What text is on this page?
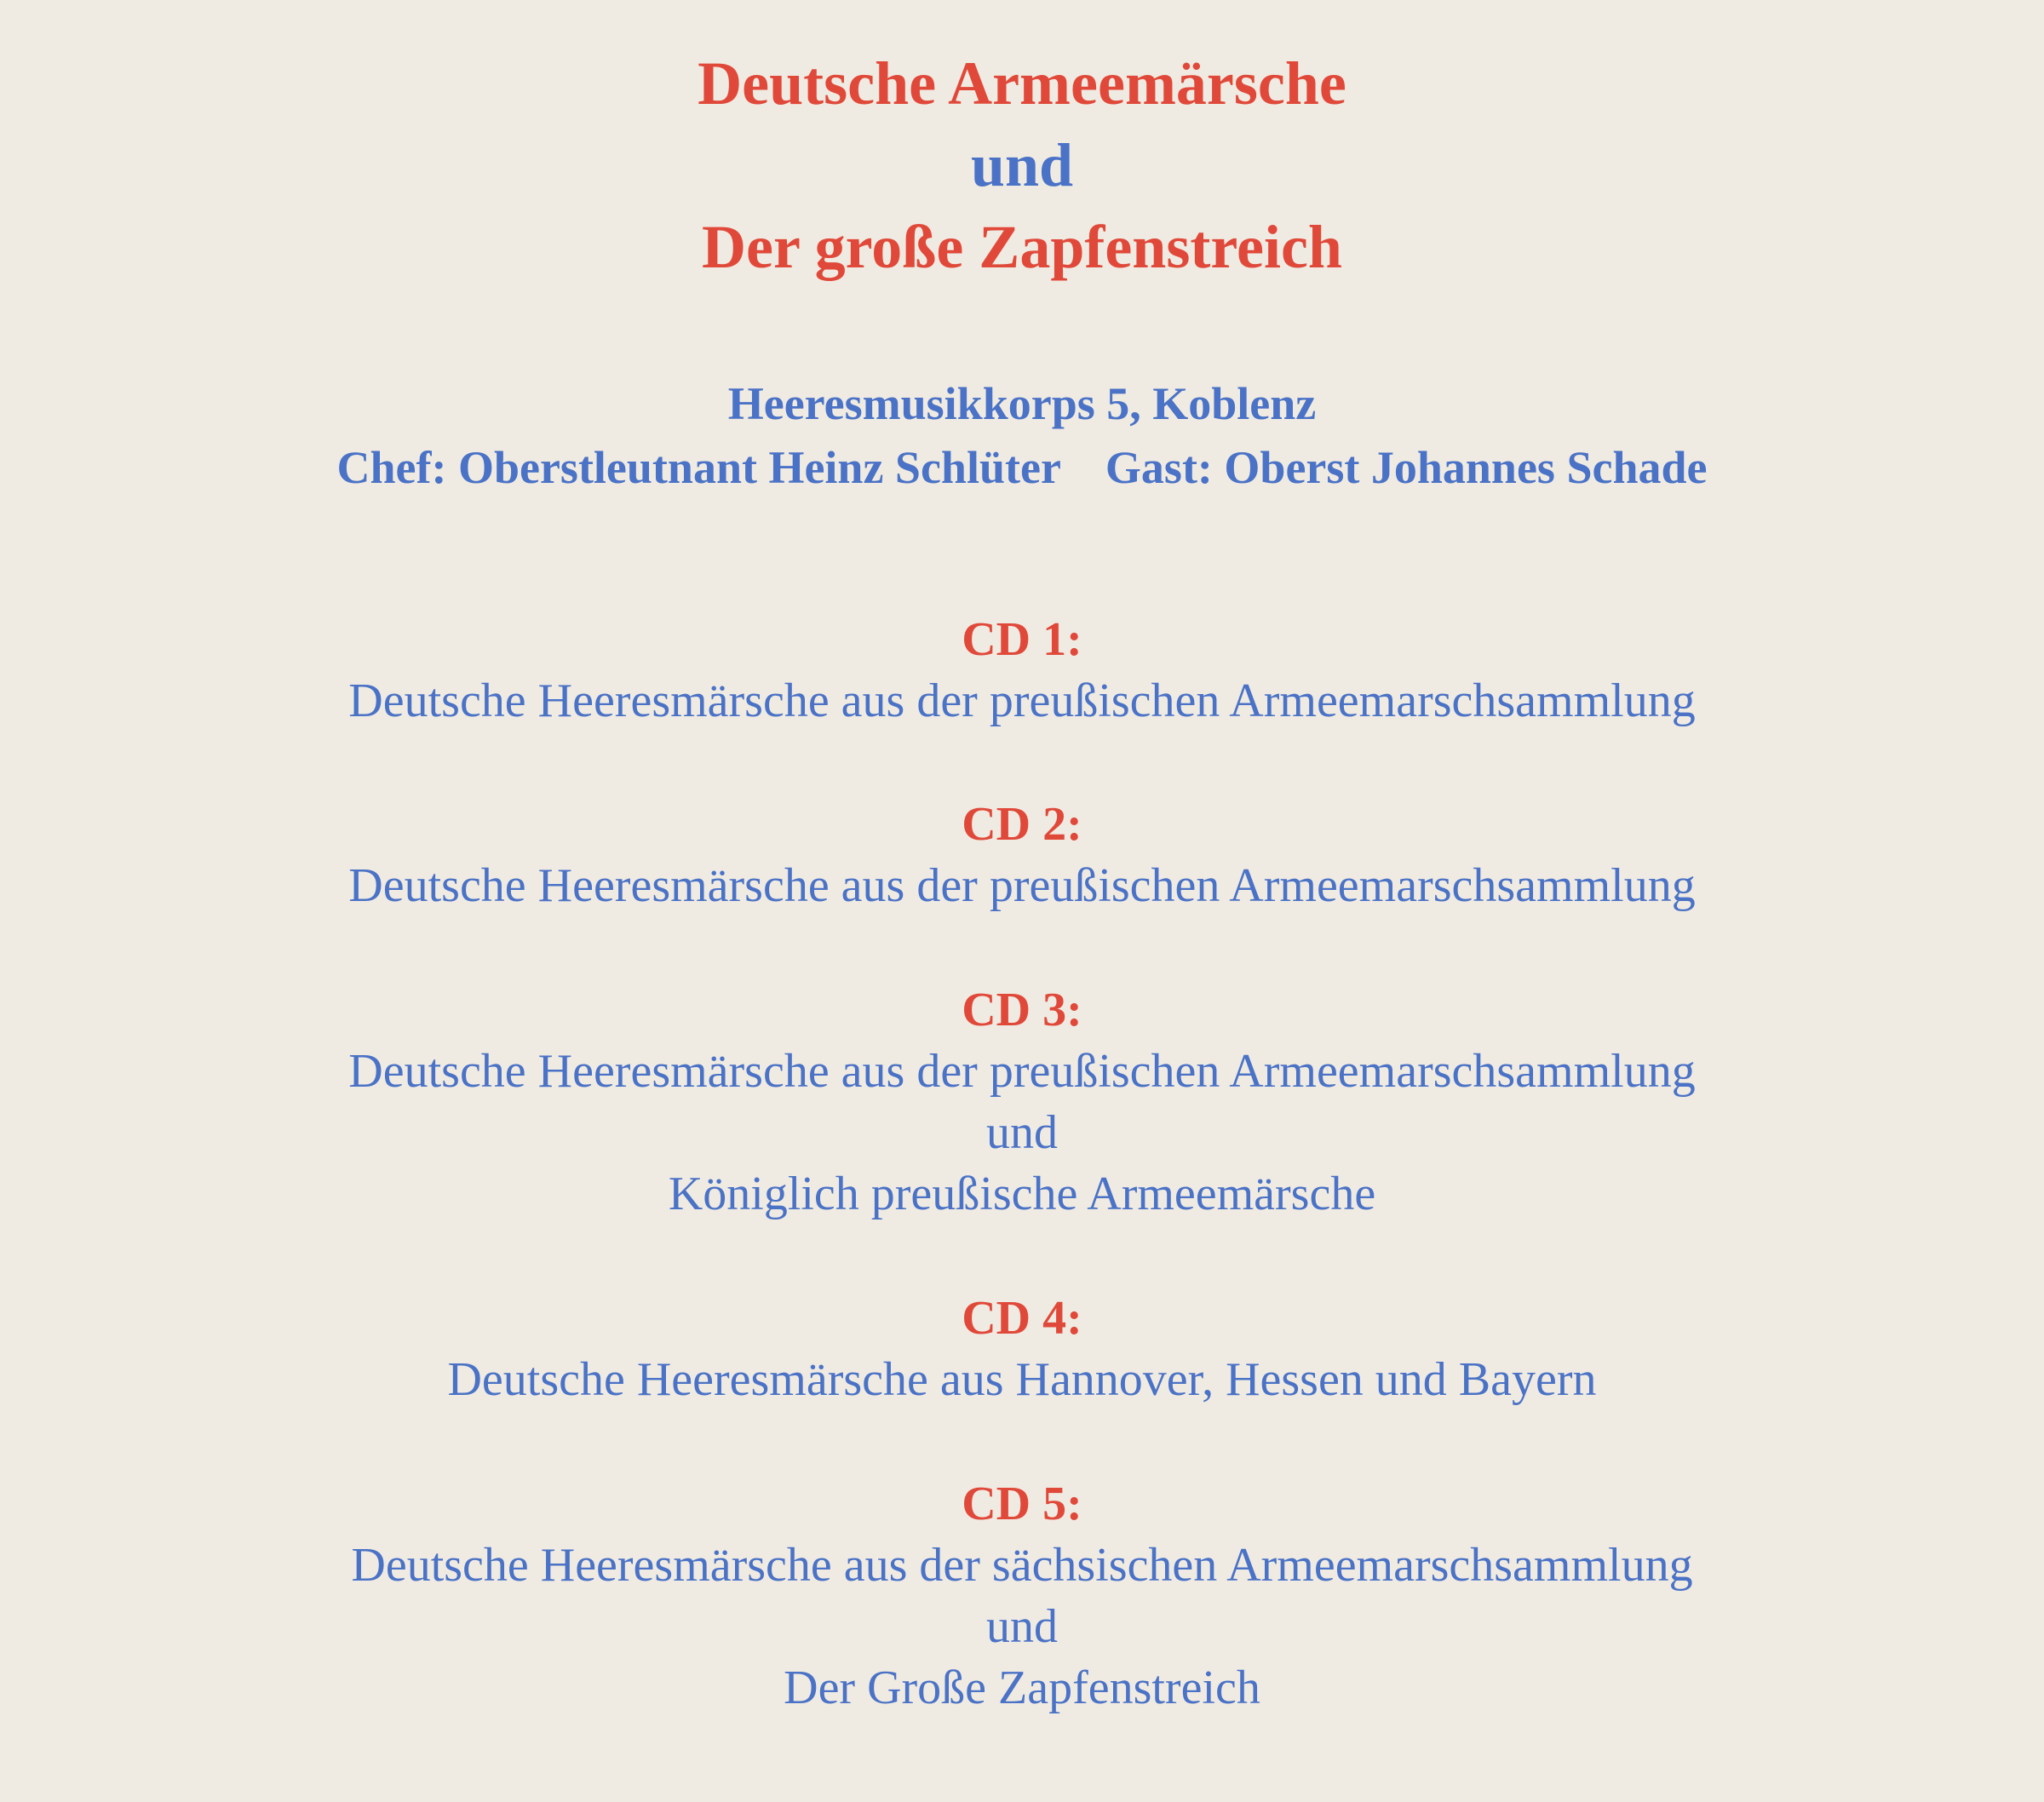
Deutsche Armeemärsche
und
Der große Zapfenstreich
Heeresmusikkorps 5, Koblenz
Chef: Oberstleutnant Heinz Schlüter Gast: Oberst Johannes Schade
CD 1:
Deutsche Heeresmärsche aus der preußischen Armeemarschsammlung
CD 2:
Deutsche Heeresmärsche aus der preußischen Armeemarschsammlung
CD 3:
Deutsche Heeresmärsche aus der preußischen Armeemarschsammlung
und
Königlich preußische Armeemärsche
CD 4:
Deutsche Heeresmärsche aus Hannover, Hessen und Bayern
CD 5:
Deutsche Heeresmärsche aus der sächsischen Armeemarschsammlung
und
Der Große Zapfenstreich
